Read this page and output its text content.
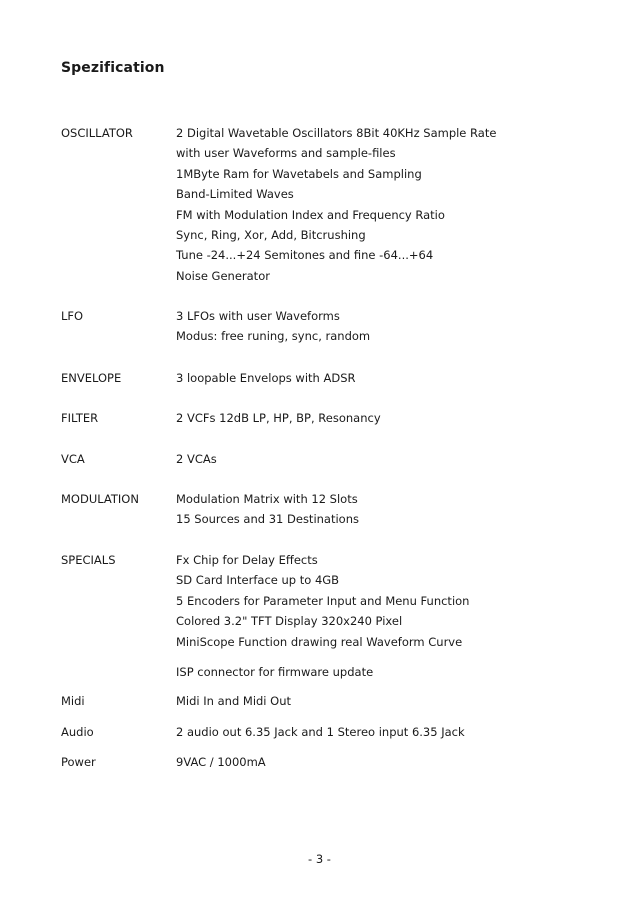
Spezification
OSCILLATOR	2 Digital Wavetable Oscillators 8Bit 40KHz Sample Rate
with user Waveforms and sample-files
1MByte Ram for Wavetabels and Sampling
Band-Limited Waves
FM with Modulation Index and Frequency Ratio
Sync, Ring, Xor, Add, Bitcrushing
Tune -24...+24 Semitones and fine -64...+64
Noise Generator
LFO	3 LFOs with user Waveforms
Modus: free runing, sync, random
ENVELOPE	3 loopable Envelops with ADSR
FILTER	2 VCFs 12dB LP, HP, BP, Resonancy
VCA	2 VCAs
MODULATION	Modulation Matrix with 12 Slots
15 Sources and 31 Destinations
SPECIALS	Fx Chip for Delay Effects
SD Card Interface up to 4GB
5 Encoders for Parameter Input and Menu Function
Colored 3.2" TFT Display 320x240 Pixel
MiniScope Function drawing real Waveform Curve
ISP connector for firmware update
Midi	Midi In and Midi Out
Audio	2 audio out 6.35 Jack and 1 Stereo input 6.35 Jack
Power	9VAC / 1000mA
- 3 -
